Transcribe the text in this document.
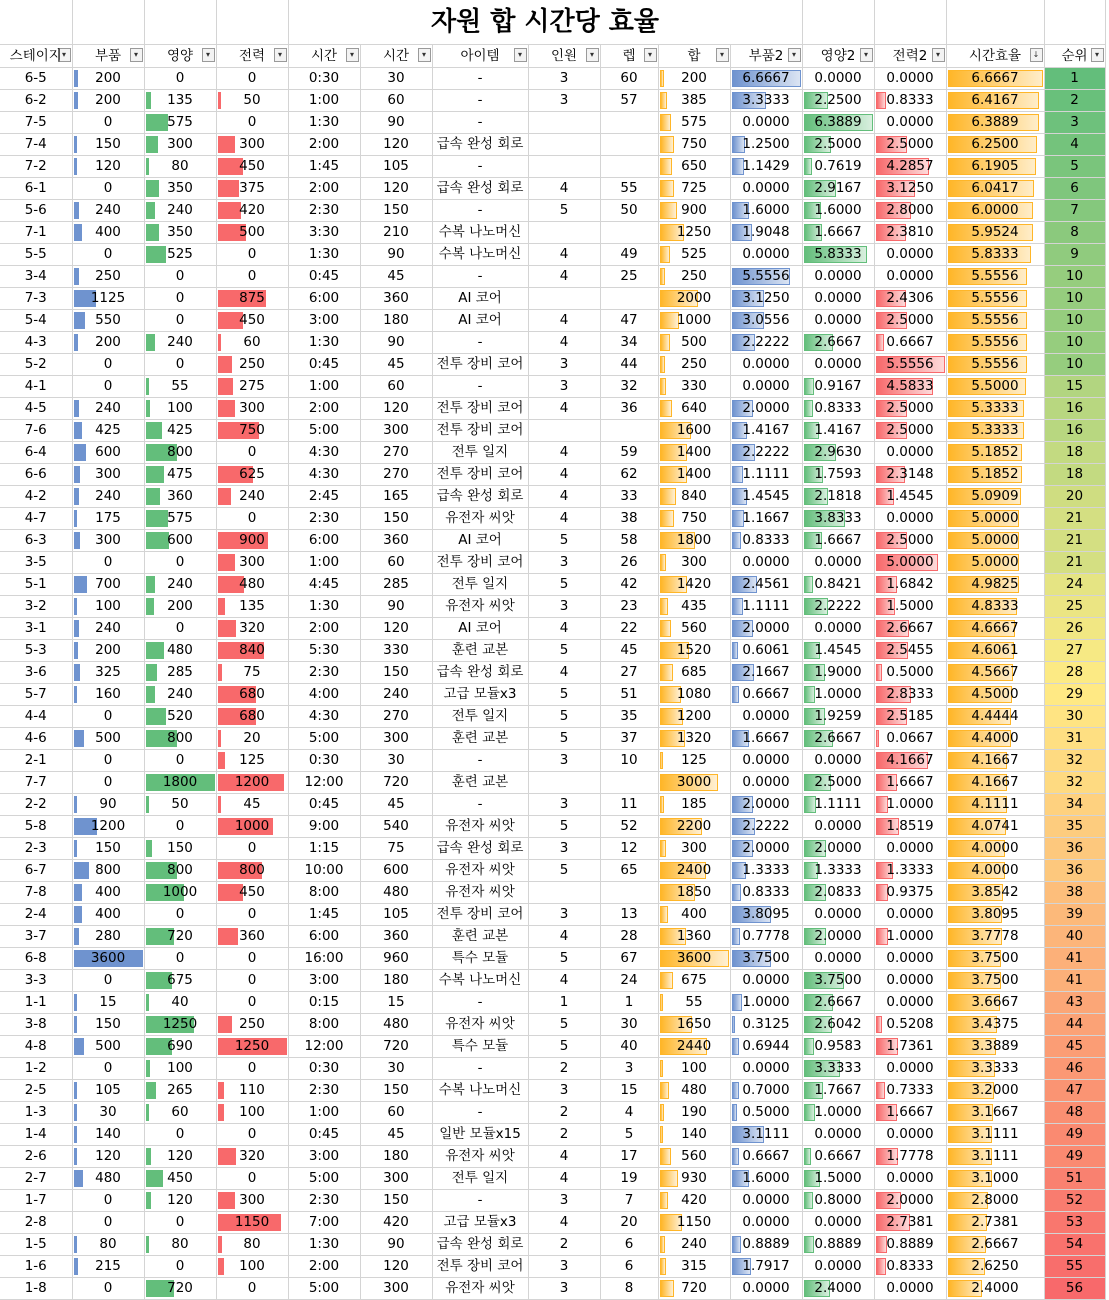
				자원 합 시간당 효율										
스테이지 ▾	부품 ▾	영양 ▾	전력 ▾	시간 ▾	시간 ▾	아이템 ▾	인원 ▾	렙 ▾	합 ▾	부품2 ▾	영양2 ▾	전력2 ▾	시간효율 ↓	순위 ▾

6-5	200	0	0	0:30	30	-	3	60	200	6.6667	0.0000	0.0000	6.6667	1
6-2	200	135	50	1:00	60	-	3	57	385	3.3333	2.2500	0.8333	6.4167	2
7-5	0	575	0	1:30	90	-			575	0.0000	6.3889	0.0000	6.3889	3
7-4	150	300	300	2:00	120	급속 완성 회로			750	1.2500	2.5000	2.5000	6.2500	4
7-2	120	80	450	1:45	105	-			650	1.1429	0.7619	4.2857	6.1905	5
6-1	0	350	375	2:00	120	급속 완성 회로	4	55	725	0.0000	2.9167	3.1250	6.0417	6
5-6	240	240	420	2:30	150	-	5	50	900	1.6000	1.6000	2.8000	6.0000	7
7-1	400	350	500	3:30	210	수복 나노머신			1250	1.9048	1.6667	2.3810	5.9524	8
5-5	0	525	0	1:30	90	수복 나노머신	4	49	525	0.0000	5.8333	0.0000	5.8333	9
3-4	250	0	0	0:45	45	-	4	25	250	5.5556	0.0000	0.0000	5.5556	10
7-3	1125	0	875	6:00	360	AI 코어			2000	3.1250	0.0000	2.4306	5.5556	10
5-4	550	0	450	3:00	180	AI 코어	4	47	1000	3.0556	0.0000	2.5000	5.5556	10
4-3	200	240	60	1:30	90	-	4	34	500	2.2222	2.6667	0.6667	5.5556	10
5-2	0	0	250	0:45	45	전투 장비 코어	3	44	250	0.0000	0.0000	5.5556	5.5556	10
4-1	0	55	275	1:00	60	-	3	32	330	0.0000	0.9167	4.5833	5.5000	15
4-5	240	100	300	2:00	120	전투 장비 코어	4	36	640	2.0000	0.8333	2.5000	5.3333	16
7-6	425	425	750	5:00	300	전투 장비 코어			1600	1.4167	1.4167	2.5000	5.3333	16
6-4	600	800	0	4:30	270	전투 일지	4	59	1400	2.2222	2.9630	0.0000	5.1852	18
6-6	300	475	625	4:30	270	전투 장비 코어	4	62	1400	1.1111	1.7593	2.3148	5.1852	18
4-2	240	360	240	2:45	165	급속 완성 회로	4	33	840	1.4545	2.1818	1.4545	5.0909	20
4-7	175	575	0	2:30	150	유전자 씨앗	4	38	750	1.1667	3.8333	0.0000	5.0000	21
6-3	300	600	900	6:00	360	AI 코어	5	58	1800	0.8333	1.6667	2.5000	5.0000	21
3-5	0	0	300	1:00	60	전투 장비 코어	3	26	300	0.0000	0.0000	5.0000	5.0000	21
5-1	700	240	480	4:45	285	전투 일지	5	42	1420	2.4561	0.8421	1.6842	4.9825	24
3-2	100	200	135	1:30	90	유전자 씨앗	3	23	435	1.1111	2.2222	1.5000	4.8333	25
3-1	240	0	320	2:00	120	AI 코어	4	22	560	2.0000	0.0000	2.6667	4.6667	26
5-3	200	480	840	5:30	330	훈련 교본	5	45	1520	0.6061	1.4545	2.5455	4.6061	27
3-6	325	285	75	2:30	150	급속 완성 회로	4	27	685	2.1667	1.9000	0.5000	4.5667	28
5-7	160	240	680	4:00	240	고급 모듈x3	5	51	1080	0.6667	1.0000	2.8333	4.5000	29
4-4	0	520	680	4:30	270	전투 일지	5	35	1200	0.0000	1.9259	2.5185	4.4444	30
4-6	500	800	20	5:00	300	훈련 교본	5	37	1320	1.6667	2.6667	0.0667	4.4000	31
2-1	0	0	125	0:30	30	-	3	10	125	0.0000	0.0000	4.1667	4.1667	32
7-7	0	1800	1200	12:00	720	훈련 교본			3000	0.0000	2.5000	1.6667	4.1667	32
2-2	90	50	45	0:45	45	-	3	11	185	2.0000	1.1111	1.0000	4.1111	34
5-8	1200	0	1000	9:00	540	유전자 씨앗	5	52	2200	2.2222	0.0000	1.8519	4.0741	35
2-3	150	150	0	1:15	75	급속 완성 회로	3	12	300	2.0000	2.0000	0.0000	4.0000	36
6-7	800	800	800	10:00	600	유전자 씨앗	5	65	2400	1.3333	1.3333	1.3333	4.0000	36
7-8	400	1000	450	8:00	480	유전자 씨앗			1850	0.8333	2.0833	0.9375	3.8542	38
2-4	400	0	0	1:45	105	전투 장비 코어	3	13	400	3.8095	0.0000	0.0000	3.8095	39
3-7	280	720	360	6:00	360	훈련 교본	4	28	1360	0.7778	2.0000	1.0000	3.7778	40
6-8	3600	0	0	16:00	960	특수 모듈	5	67	3600	3.7500	0.0000	0.0000	3.7500	41
3-3	0	675	0	3:00	180	수복 나노머신	4	24	675	0.0000	3.7500	0.0000	3.7500	41
1-1	15	40	0	0:15	15	-	1	1	55	1.0000	2.6667	0.0000	3.6667	43
3-8	150	1250	250	8:00	480	유전자 씨앗	5	30	1650	0.3125	2.6042	0.5208	3.4375	44
4-8	500	690	1250	12:00	720	특수 모듈	5	40	2440	0.6944	0.9583	1.7361	3.3889	45
1-2	0	100	0	0:30	30	-	2	3	100	0.0000	3.3333	0.0000	3.3333	46
2-5	105	265	110	2:30	150	수복 나노머신	3	15	480	0.7000	1.7667	0.7333	3.2000	47
1-3	30	60	100	1:00	60	-	2	4	190	0.5000	1.0000	1.6667	3.1667	48
1-4	140	0	0	0:45	45	일반 모듈x15	2	5	140	3.1111	0.0000	0.0000	3.1111	49
2-6	120	120	320	3:00	180	유전자 씨앗	4	17	560	0.6667	0.6667	1.7778	3.1111	49
2-7	480	450	0	5:00	300	전투 일지	4	19	930	1.6000	1.5000	0.0000	3.1000	51
1-7	0	120	300	2:30	150	-	3	7	420	0.0000	0.8000	2.0000	2.8000	52
2-8	0	0	1150	7:00	420	고급 모듈x3	4	20	1150	0.0000	0.0000	2.7381	2.7381	53
1-5	80	80	80	1:30	90	급속 완성 회로	2	6	240	0.8889	0.8889	0.8889	2.6667	54
1-6	215	0	100	2:00	120	전투 장비 코어	3	6	315	1.7917	0.0000	0.8333	2.6250	55
1-8	0	720	0	5:00	300	유전자 씨앗	3	8	720	0.0000	2.4000	0.0000	2.4000	56
